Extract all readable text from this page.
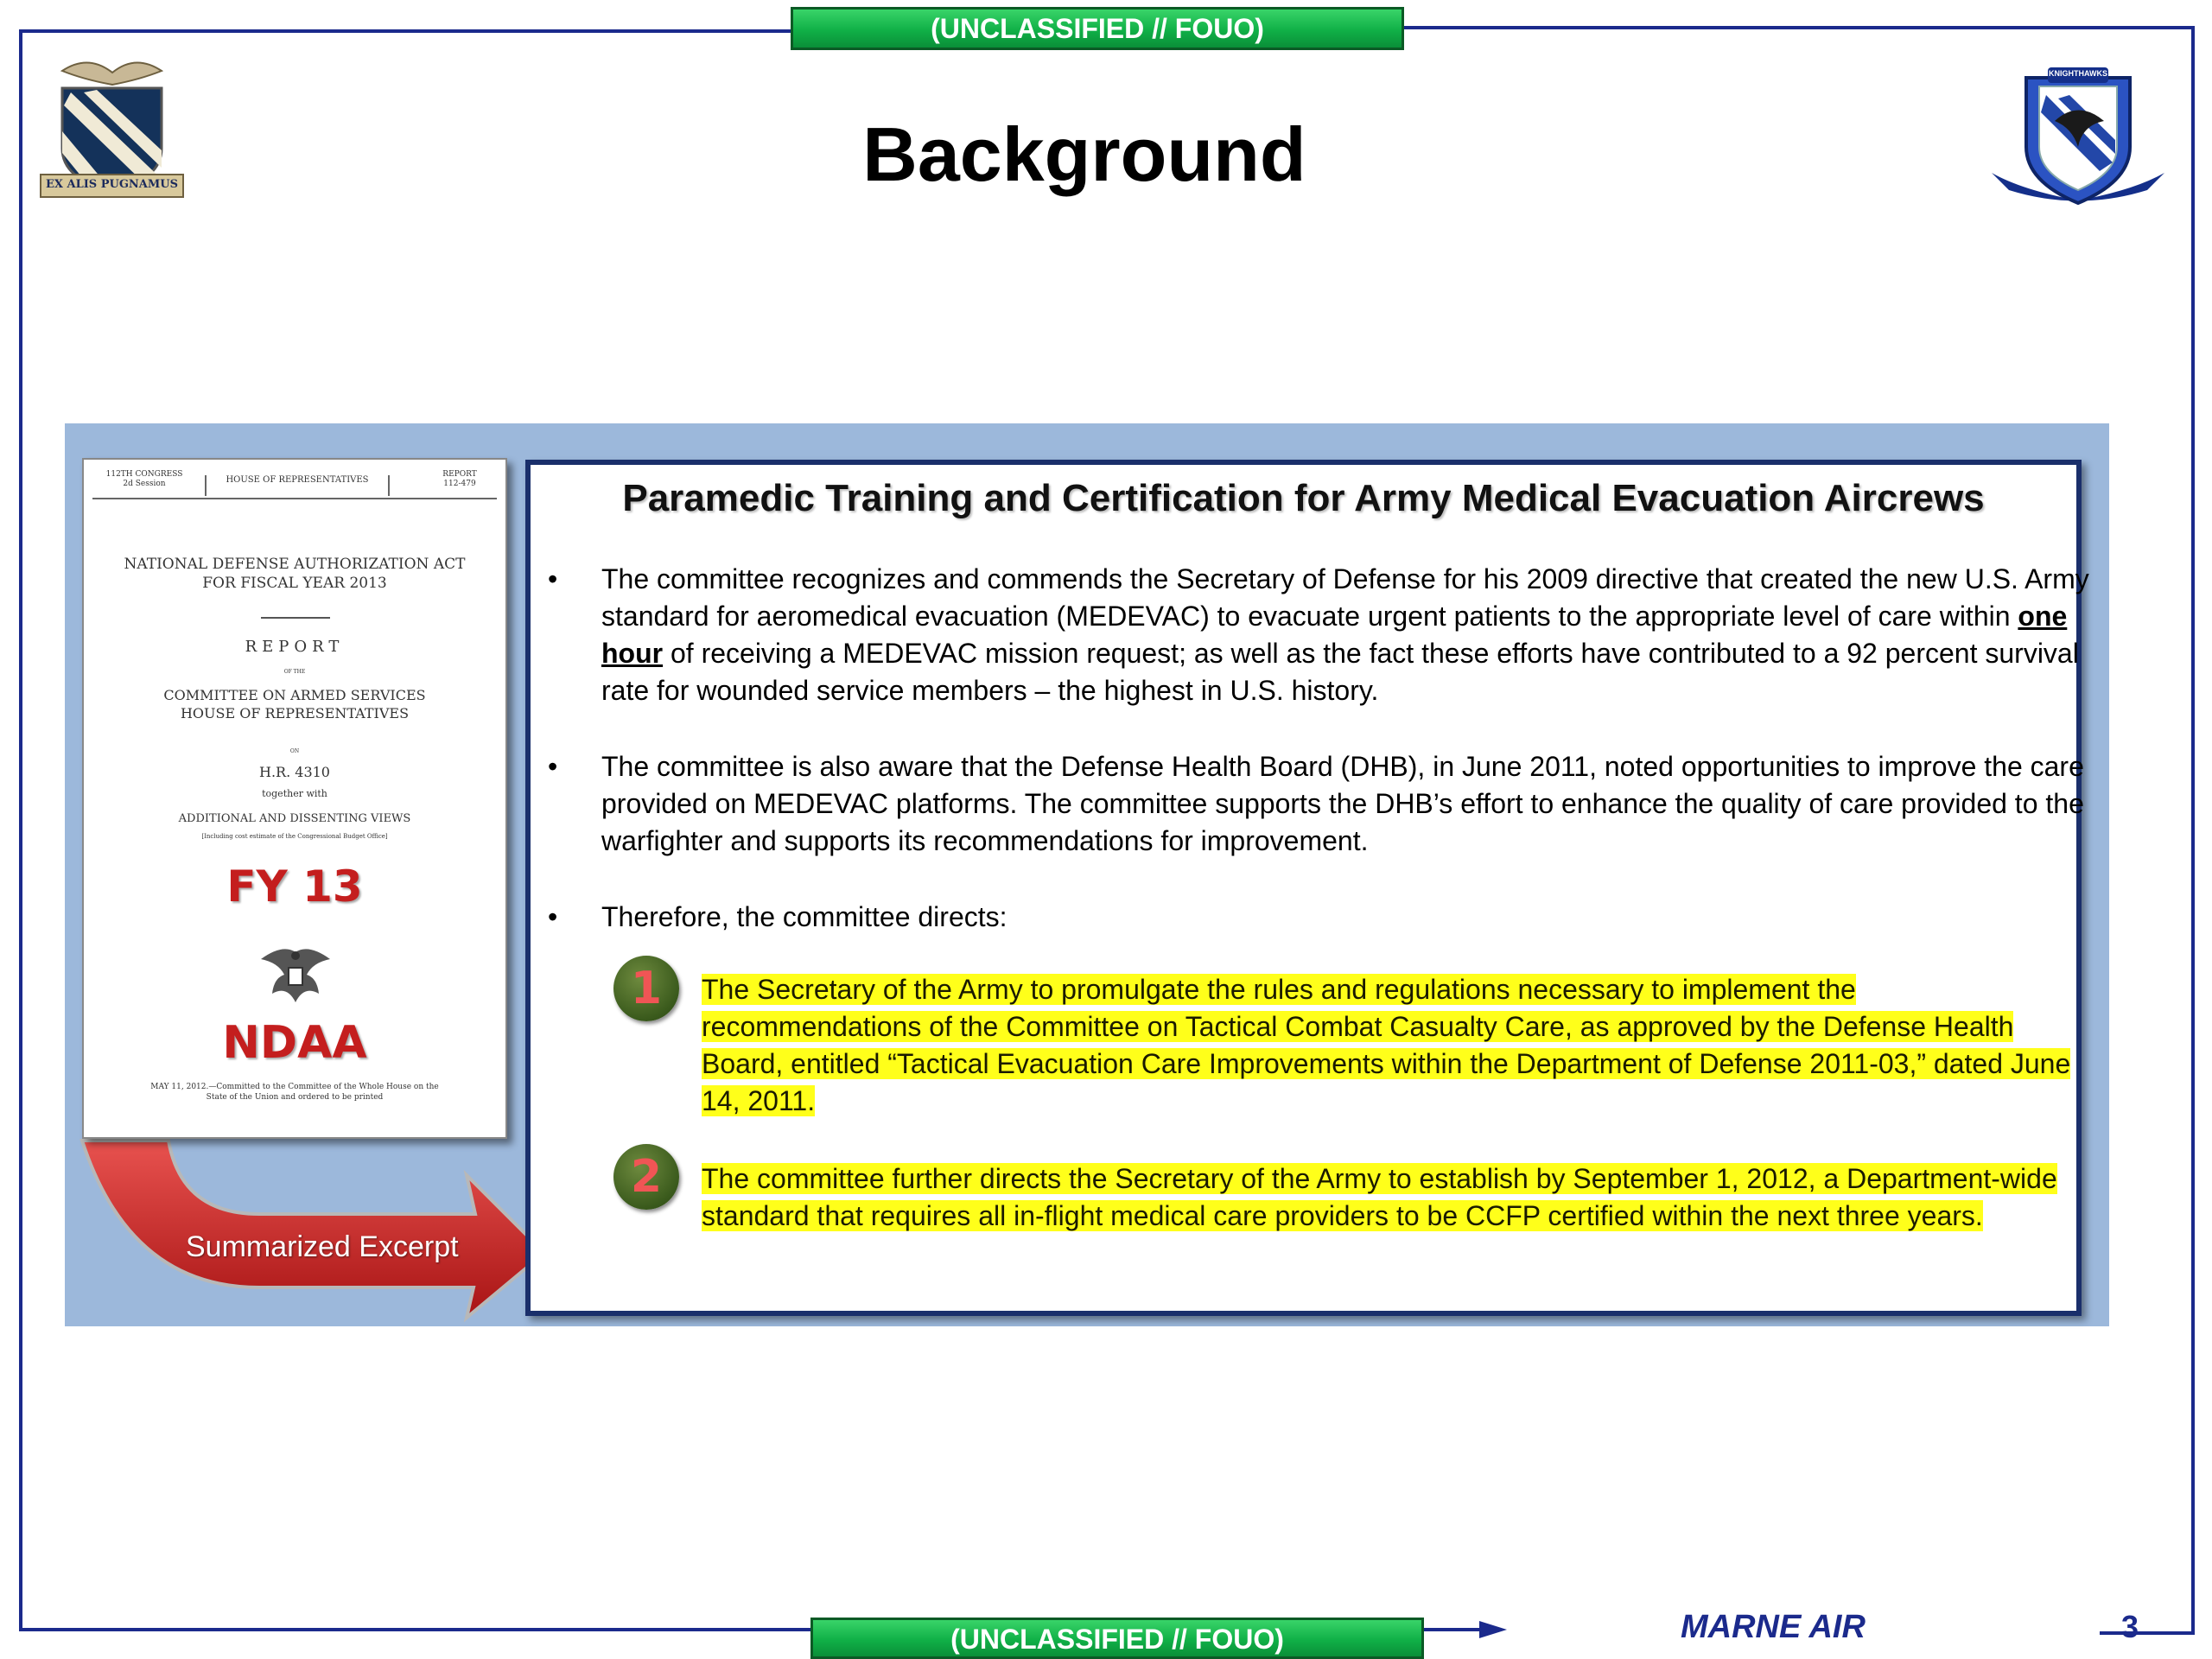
(UNCLASSIFIED // FOUO)
(UNCLASSIFIED // FOUO)
EX ALIS PUGNAMUS
KNIGHTHAWKS
Background
Summarized Excerpt
112TH CONGRESS
2d Session	HOUSE OF REPRESENTATIVES
REPORT
112-479
NATIONAL DEFENSE AUTHORIZATION ACT
FOR FISCAL YEAR 2013
REPORT
OF THE
COMMITTEE ON ARMED SERVICES
HOUSE OF REPRESENTATIVES
ON
H.R. 4310
together with
ADDITIONAL AND DISSENTING VIEWS
[Including cost estimate of the Congressional Budget Office]
FY 13
NDAA
MAY 11, 2012.—Committed to the Committee of the Whole House on the
State of the Union and ordered to be printed
Paramedic Training and Certification for Army Medical Evacuation Aircrews
• The committee recognizes and commends the Secretary of Defense for his 2009 directive that created the new U.S. Army standard for aeromedical evacuation (MEDEVAC) to evacuate urgent patients to the appropriate level of care within one hour of receiving a MEDEVAC mission request; as well as the fact these efforts have contributed to a 92 percent survival rate for wounded service members – the highest in U.S. history.
• The committee is also aware that the Defense Health Board (DHB), in June 2011, noted opportunities to improve the care provided on MEDEVAC platforms. The committee supports the DHB’s effort to enhance the quality of care provided to the warfighter and supports its recommendations for improvement.
• Therefore, the committee directs:
1	The Secretary of the Army to promulgate the rules and regulations necessary to implement the recommendations of the Committee on Tactical Combat Casualty Care, as approved by the Defense Health Board, entitled “Tactical Evacuation Care Improvements within the Department of Defense 2011-03,” dated June 14, 2011.
2	The committee further directs the Secretary of the Army to establish by September 1, 2012, a Department-wide standard that requires all in-flight medical care providers to be CCFP certified within the next three years.
MARNE AIR	3
